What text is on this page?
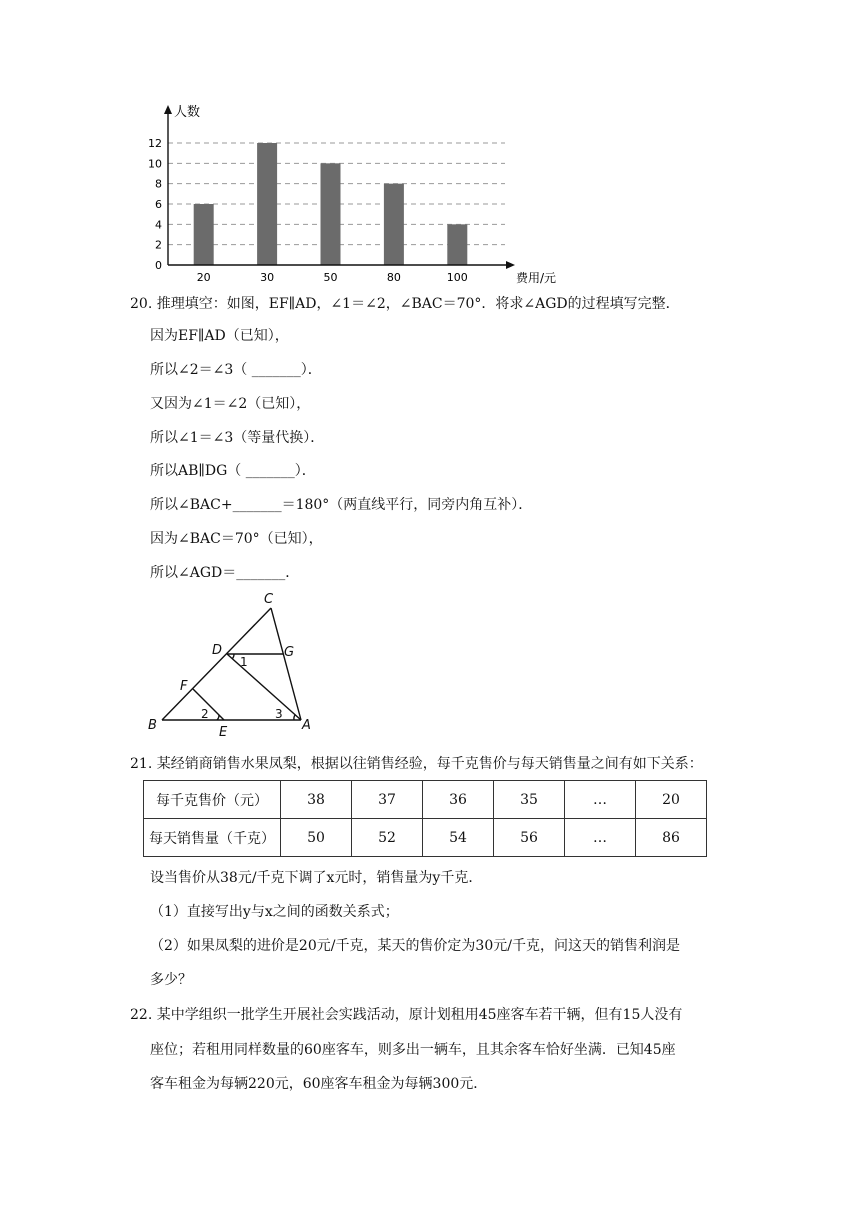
0
2
4
6
8
10
12
20	30	50	80	100
人数
费用/元
20. 推理填空：如图，EF∥AD，∠1＝∠2，∠BAC＝70°．将求∠AGD的过程填写完整．
因为EF∥AD（已知），
所以∠2＝∠3（ _______）．
又因为∠1＝∠2（已知），
所以∠1＝∠3（等量代换）．
所以AB∥DG（ _______）．
所以∠BAC+_______＝180°（两直线平行，同旁内角互补）．
因为∠BAC＝70°（已知），
所以∠AGD＝_______．
C
D	G
F
B	E	A
1
2	3
21. 某经销商销售水果凤梨，根据以往销售经验，每千克售价与每天销售量之间有如下关系：
每千克售价（元）	38	37	36	35	…	20
每天销售量（千克）	50	52	54	56	…	86
设当售价从38元/千克下调了x元时，销售量为y千克．
（1）直接写出y与x之间的函数关系式；
（2）如果凤梨的进价是20元/千克，某天的售价定为30元/千克，问这天的销售利润是
多少？
22. 某中学组织一批学生开展社会实践活动，原计划租用45座客车若干辆，但有15人没有
座位；若租用同样数量的60座客车，则多出一辆车，且其余客车恰好坐满．已知45座
客车租金为每辆220元，60座客车租金为每辆300元．
